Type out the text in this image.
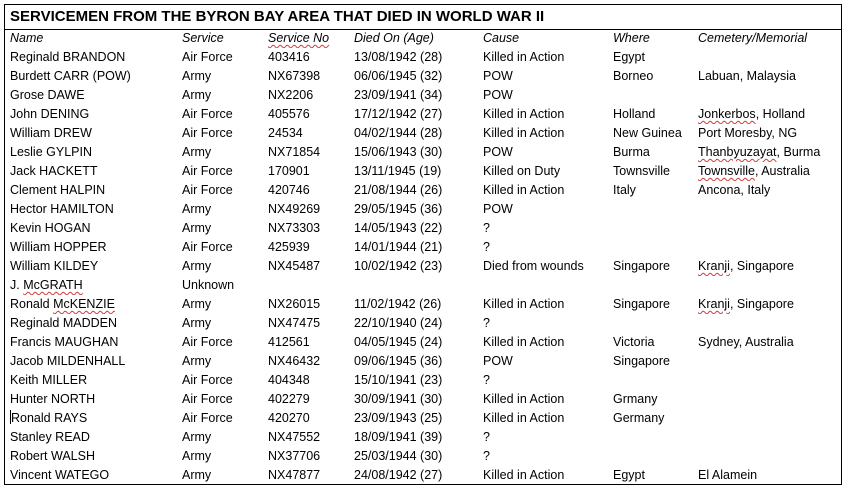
SERVICEMEN FROM THE BYRON BAY AREA THAT DIED IN WORLD WAR II
Name	Service	Service No	Died On (Age)	Cause	Where	Cemetery/Memorial
Reginald BRANDON	Air Force	403416	13/08/1942 (28)	Killed in Action	Egypt	
Burdett CARR (POW)	Army	NX67398	06/06/1945 (32)	POW	Borneo	Labuan, Malaysia
Grose DAWE	Army	NX2206	23/09/1941 (34)	POW		
John DENING	Air Force	405576	17/12/1942 (27)	Killed in Action	Holland	Jonkerbos, Holland
William DREW	Air Force	24534	04/02/1944 (28)	Killed in Action	New Guinea	Port Moresby, NG
Leslie GYLPIN	Army	NX71854	15/06/1943 (30)	POW	Burma	Thanbyuzayat, Burma
Jack HACKETT	Air Force	170901	13/11/1945 (19)	Killed on Duty	Townsville	Townsville, Australia
Clement HALPIN	Air Force	420746	21/08/1944 (26)	Killed in Action	Italy	Ancona, Italy
Hector HAMILTON	Army	NX49269	29/05/1945 (36)	POW		
Kevin HOGAN	Army	NX73303	14/05/1943 (22)	?		
William HOPPER	Air Force	425939	14/01/1944 (21)	?		
William KILDEY	Army	NX45487	10/02/1942 (23)	Died from wounds	Singapore	Kranji, Singapore
J. McGRATH	Unknown					
Ronald McKENZIE	Army	NX26015	11/02/1942 (26)	Killed in Action	Singapore	Kranji, Singapore
Reginald MADDEN	Army	NX47475	22/10/1940 (24)	?		
Francis MAUGHAN	Air Force	412561	04/05/1945 (24)	Killed in Action	Victoria	Sydney, Australia
Jacob MILDENHALL	Army	NX46432	09/06/1945 (36)	POW	Singapore	
Keith MILLER	Air Force	404348	15/10/1941 (23)	?		
Hunter NORTH	Air Force	402279	30/09/1941 (30)	Killed in Action	Grmany	
Ronald RAYS	Air Force	420270	23/09/1943 (25)	Killed in Action	Germany	
Stanley READ	Army	NX47552	18/09/1941 (39)	?		
Robert WALSH	Army	NX37706	25/03/1944 (30)	?		
Vincent WATEGO	Army	NX47877	24/08/1942 (27)	Killed in Action	Egypt	El Alamein
